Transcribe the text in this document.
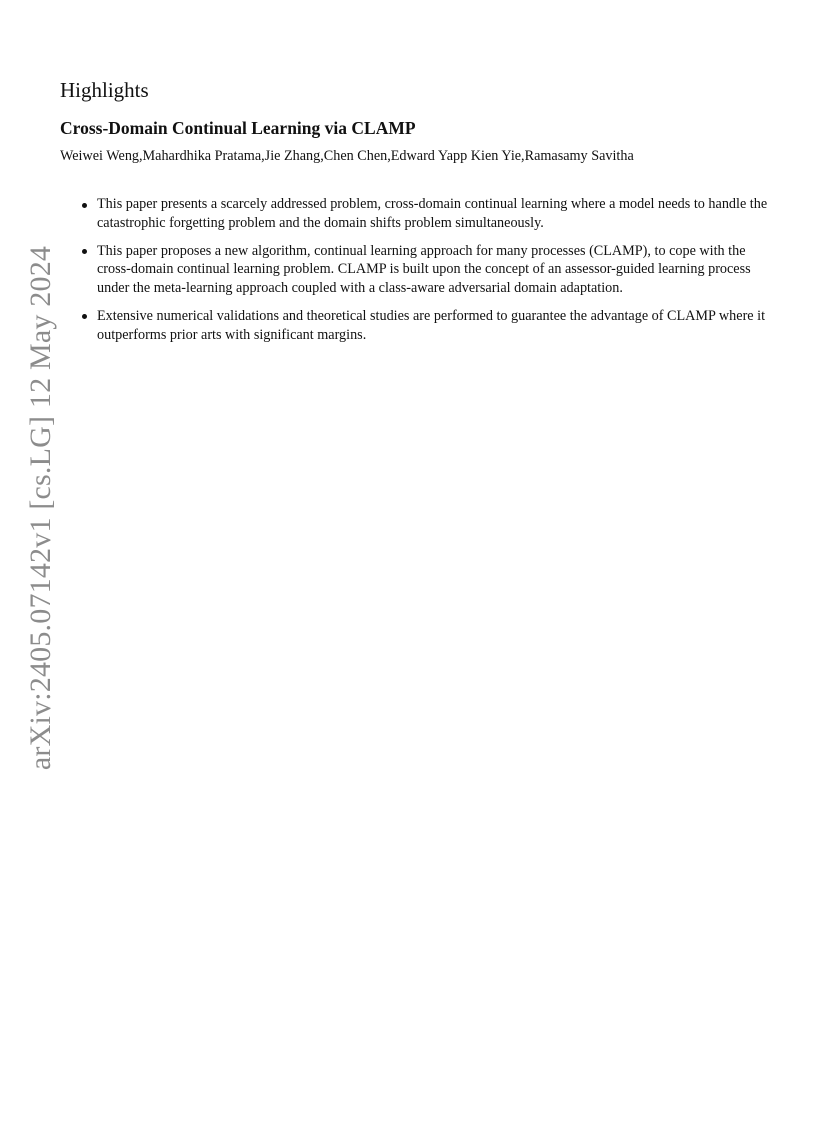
arXiv:2405.07142v1 [cs.LG] 12 May 2024
Highlights
Cross-Domain Continual Learning via CLAMP

Weiwei Weng,Mahardhika Pratama,Jie Zhang,Chen Chen,Edward Yapp Kien Yie,Ramasamy Savitha

This paper presents a scarcely addressed problem, cross-domain continual learning where a model needs to handle the catastrophic forgetting problem and the domain shifts problem simultaneously.
This paper proposes a new algorithm, continual learning approach for many processes (CLAMP), to cope with the cross-domain continual learning problem. CLAMP is built upon the concept of an assessor-guided learning process under the meta-learning approach coupled with a class-aware adversarial domain adaptation.
Extensive numerical validations and theoretical studies are performed to guarantee the advantage of CLAMP where it outperforms prior arts with significant margins.
